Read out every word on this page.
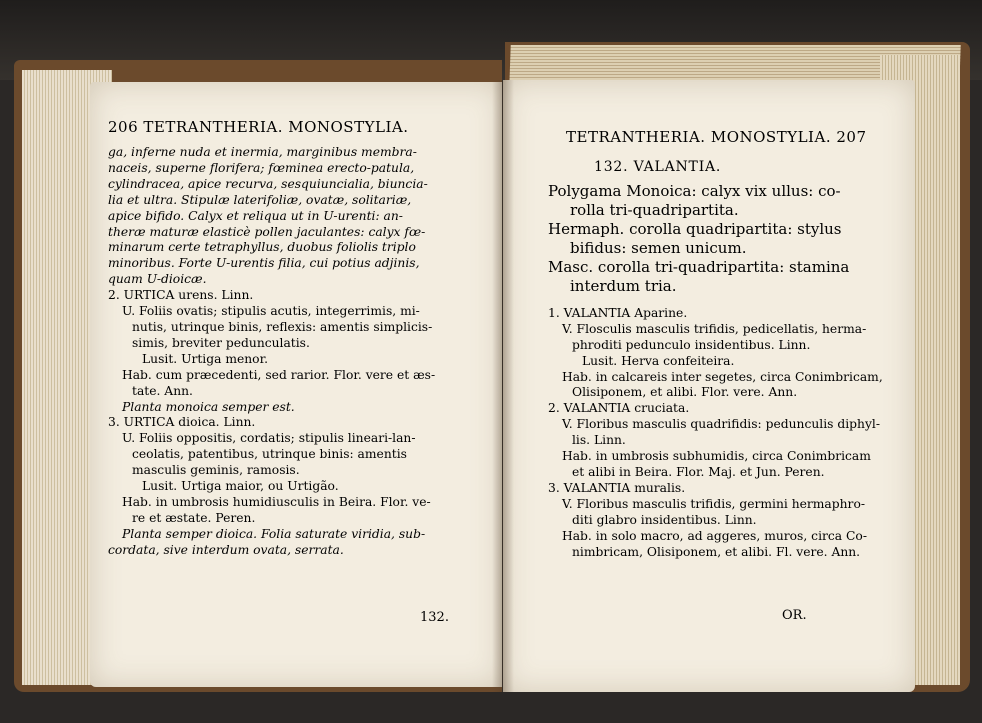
206 TETRANTHERIA. MONOSTYLIA.
TETRANTHERIA. MONOSTYLIA. 207
ga, inferne nuda et inermia, marginibus membra-
naceis, superne florifera; fœminea erecto-patula,
cylindracea, apice recurva, sesquiuncialia, biuncia-
lia et ultra. Stipulæ laterifoliæ, ovatæ, solitariæ,
apice bifido. Calyx et reliqua ut in U-urenti: an-
theræ maturæ elasticè pollen jaculantes: calyx fœ-
minarum certe tetraphyllus, duobus foliolis triplo
minoribus. Forte U-urentis filia, cui potius adjinis,
quam U-dioicæ.
2. URTICA urens. Linn.
U. Foliis ovatis; stipulis acutis, integerrimis, mi-
nutis, utrinque binis, reflexis: amentis simplicis-
simis, breviter pedunculatis.
Lusit. Urtiga menor.
Hab. cum præcedenti, sed rarior. Flor. vere et æs-
tate. Ann.
Planta monoica semper est.
3. URTICA dioica. Linn.
U. Foliis oppositis, cordatis; stipulis lineari-lan-
ceolatis, patentibus, utrinque binis: amentis
masculis geminis, ramosis.
Lusit. Urtiga maior, ou Urtigão.
Hab. in umbrosis humidiusculis in Beira. Flor. ve-
re et æstate. Peren.
Planta semper dioica. Folia saturate viridia, sub-
cordata, sive interdum ovata, serrata.
132. VALANTIA.
Polygama Monoica: calyx vix ullus: co-
rolla tri-quadripartita.
Hermaph. corolla quadripartita: stylus
bifidus: semen unicum.
Masc. corolla tri-quadripartita: stamina
interdum tria.
1. VALANTIA Aparine.
V. Flosculis masculis trifidis, pedicellatis, herma-
phroditi pedunculo insidentibus. Linn.
Lusit. Herva confeiteira.
Hab. in calcareis inter segetes, circa Conimbricam,
Olisiponem, et alibi. Flor. vere. Ann.
2. VALANTIA cruciata.
V. Floribus masculis quadrifidis: pedunculis diphyl-
lis. Linn.
Hab. in umbrosis subhumidis, circa Conimbricam
et alibi in Beira. Flor. Maj. et Jun. Peren.
3. VALANTIA muralis.
V. Floribus masculis trifidis, germini hermaphro-
diti glabro insidentibus. Linn.
Hab. in solo macro, ad aggeres, muros, circa Co-
nimbricam, Olisiponem, et alibi. Fl. vere. Ann.
132.	OR.
